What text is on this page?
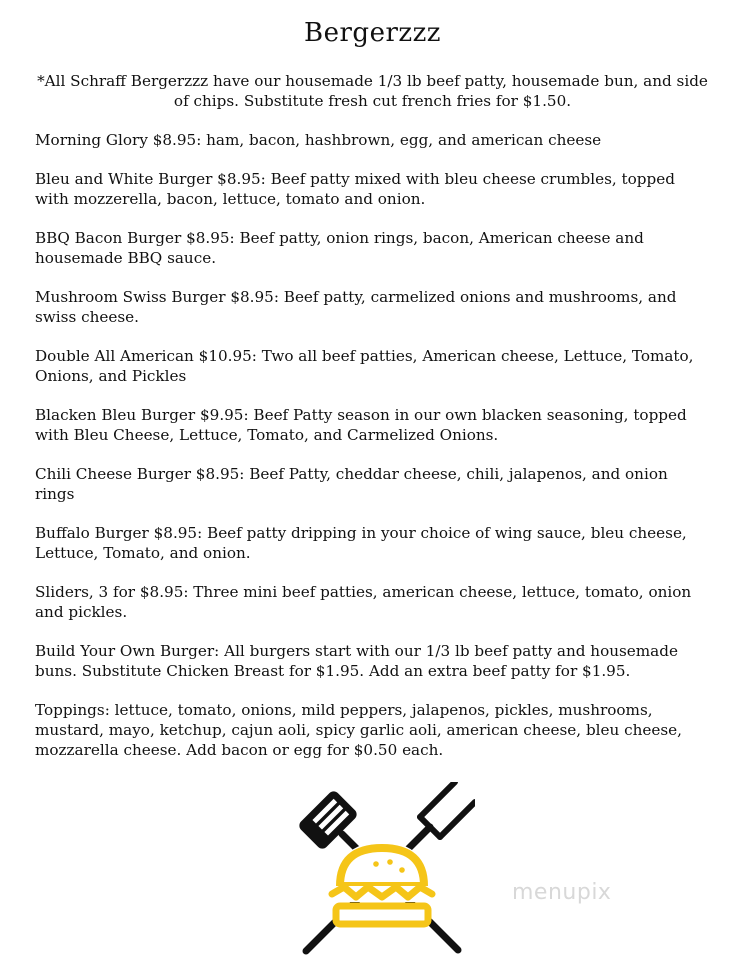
Bergerzzz
*All Schraff Bergerzzz have our housemade 1/3 lb beef patty, housemade bun, and side of chips. Substitute fresh cut french fries for $1.50.
Morning Glory $8.95: ham, bacon, hashbrown, egg, and american cheese
Bleu and White Burger $8.95: Beef patty mixed with bleu cheese crumbles, topped with mozzerella, bacon, lettuce, tomato and onion.
BBQ Bacon Burger $8.95: Beef patty, onion rings, bacon, American cheese and housemade BBQ sauce.
Mushroom Swiss Burger $8.95: Beef patty, carmelized onions and mushrooms, and swiss cheese.
Double All American $10.95: Two all beef patties, American cheese, Lettuce, Tomato, Onions, and Pickles
Blacken Bleu Burger $9.95: Beef Patty season in our own blacken seasoning, topped with Bleu Cheese, Lettuce, Tomato, and Carmelized Onions.
Chili Cheese Burger $8.95: Beef Patty, cheddar cheese, chili, jalapenos, and onion rings
Buffalo Burger $8.95: Beef patty dripping in your choice of wing sauce, bleu cheese, Lettuce, Tomato, and onion.
Sliders, 3 for $8.95: Three mini beef patties, american cheese, lettuce, tomato, onion and pickles.
Build Your Own Burger: All burgers start with our 1/3 lb beef patty and housemade buns. Substitute Chicken Breast for $1.95. Add an extra beef patty for $1.95.
Toppings: lettuce, tomato, onions, mild peppers, jalapenos, pickles, mushrooms, mustard, mayo, ketchup, cajun aoli, spicy garlic aoli, american cheese, bleu cheese, mozzarella cheese. Add bacon or egg for $0.50 each.
menupix
